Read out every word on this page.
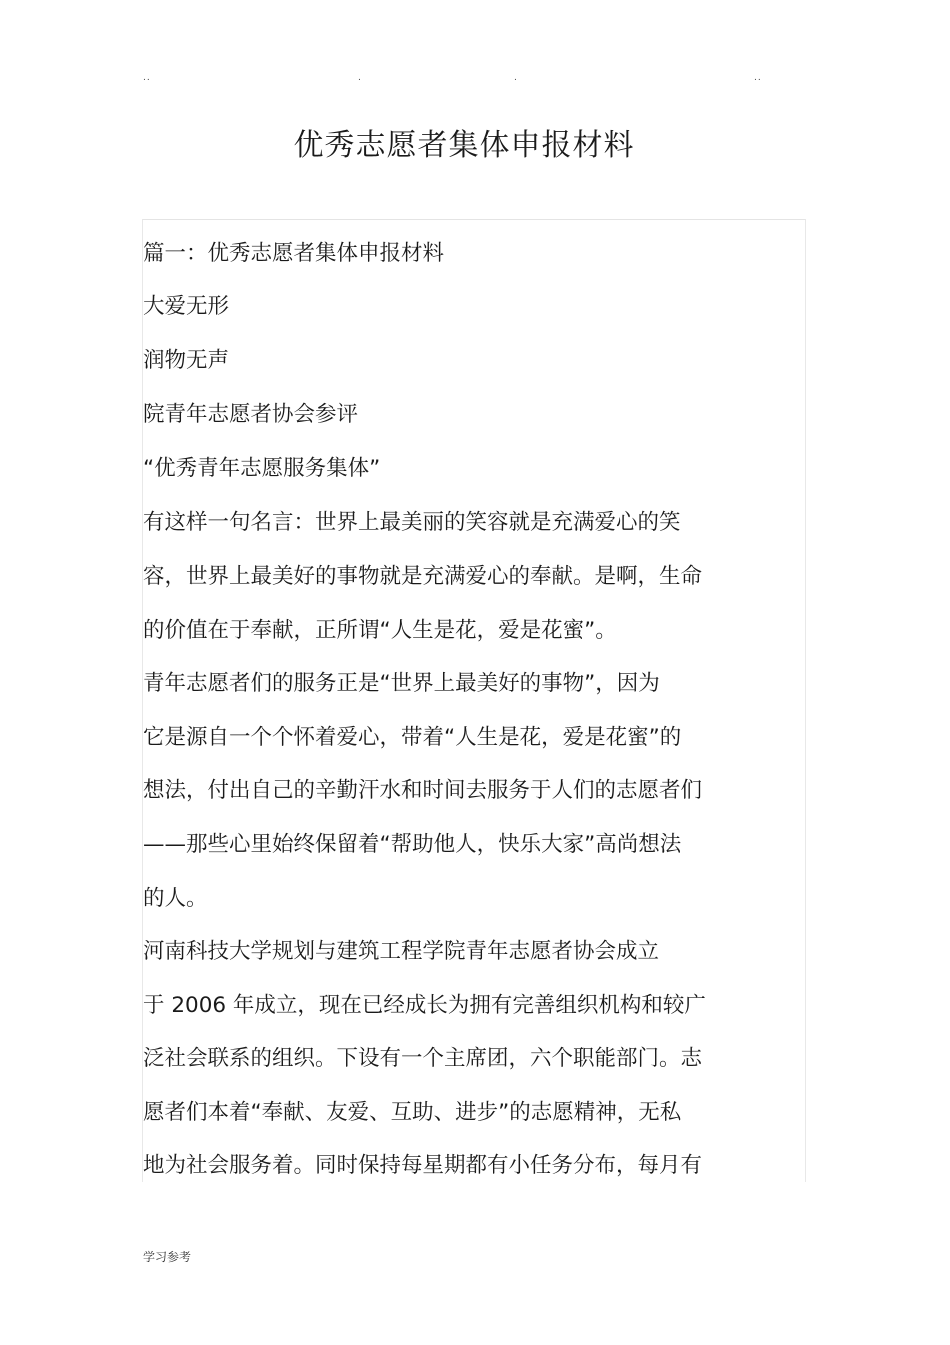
..	.	.	..
优秀志愿者集体申报材料
篇一：优秀志愿者集体申报材料
大爱无形
润物无声
院青年志愿者协会参评
“优秀青年志愿服务集体”
有这样一句名言：世界上最美丽的笑容就是充满爱心的笑
容，世界上最美好的事物就是充满爱心的奉献。是啊，生命
的价值在于奉献，正所谓“人生是花，爱是花蜜”。
青年志愿者们的服务正是“世界上最美好的事物”，因为
它是源自一个个怀着爱心，带着“人生是花，爱是花蜜”的
想法，付出自己的辛勤汗水和时间去服务于人们的志愿者们
——那些心里始终保留着“帮助他人，快乐大家”高尚想法
的人。
河南科技大学规划与建筑工程学院青年志愿者协会成立
于 2006 年成立，现在已经成长为拥有完善组织机构和较广
泛社会联系的组织。下设有一个主席团，六个职能部门。志
愿者们本着“奉献、友爱、互助、进步”的志愿精神，无私
地为社会服务着。同时保持每星期都有小任务分布，每月有
学习参考
